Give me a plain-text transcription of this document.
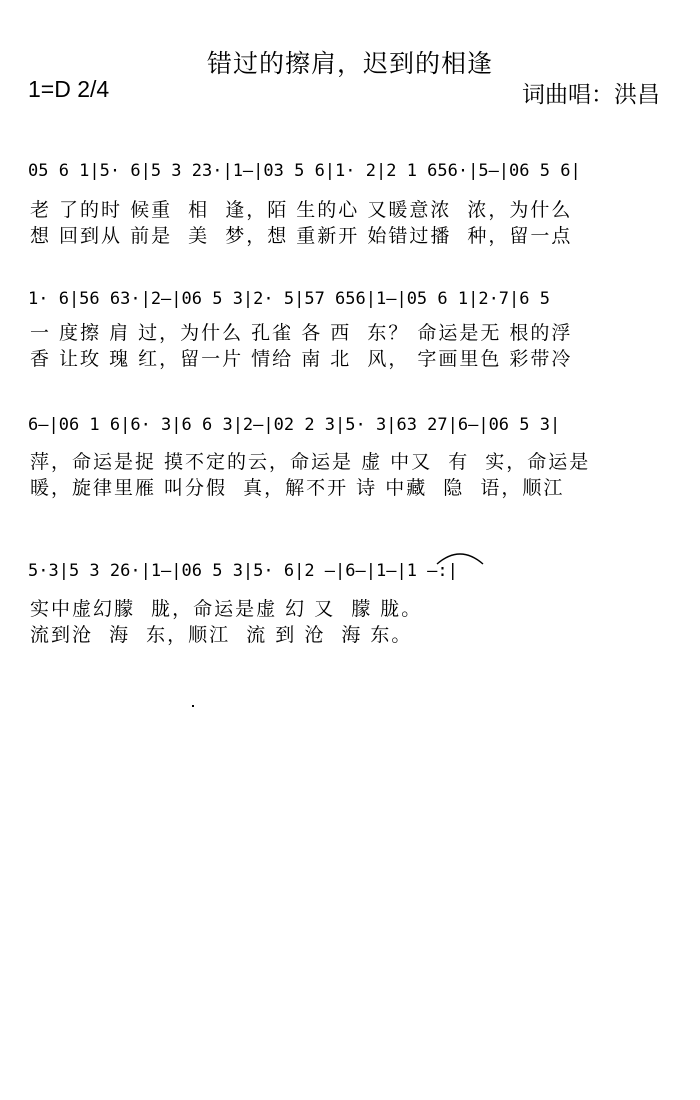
错过的擦肩，迟到的相逢
1=D 2/4	词曲唱：洪昌
05 6 1|5· 6|5 3 23·|1–|03 5 6|1· 2|2 1 656·|5–|06 5 6|
老 了的时 候重  相  逢，陌 生的心 又暖意浓  浓，为什么
想 回到从 前是  美  梦，想 重新开 始错过播  种，留一点
1· 6|56 63·|2–|06 5 3|2· 5|57 656|1–|05 6 1|2·7|6 5
一 度擦 肩 过，为什么 孔雀 各 西  东？ 命运是无 根的浮
香 让玫 瑰 红，留一片 情给 南 北  风， 字画里色 彩带冷
6–|06 1 6|6· 3|6 6 3|2–|02 2 3|5· 3|63 27|6–|06 5 3|
萍，命运是捉 摸不定的云，命运是 虚 中又  有  实，命运是
暖，旋律里雁 叫分假  真，解不开 诗 中藏  隐  语，顺江
5·3|5 3 26·|1–|06 5 3|5· 6|2 –|6–|1–|1 –:|
实中虚幻朦  胧，命运是虚 幻 又  朦 胧。
流到沧  海  东，顺江  流 到 沧  海 东。
